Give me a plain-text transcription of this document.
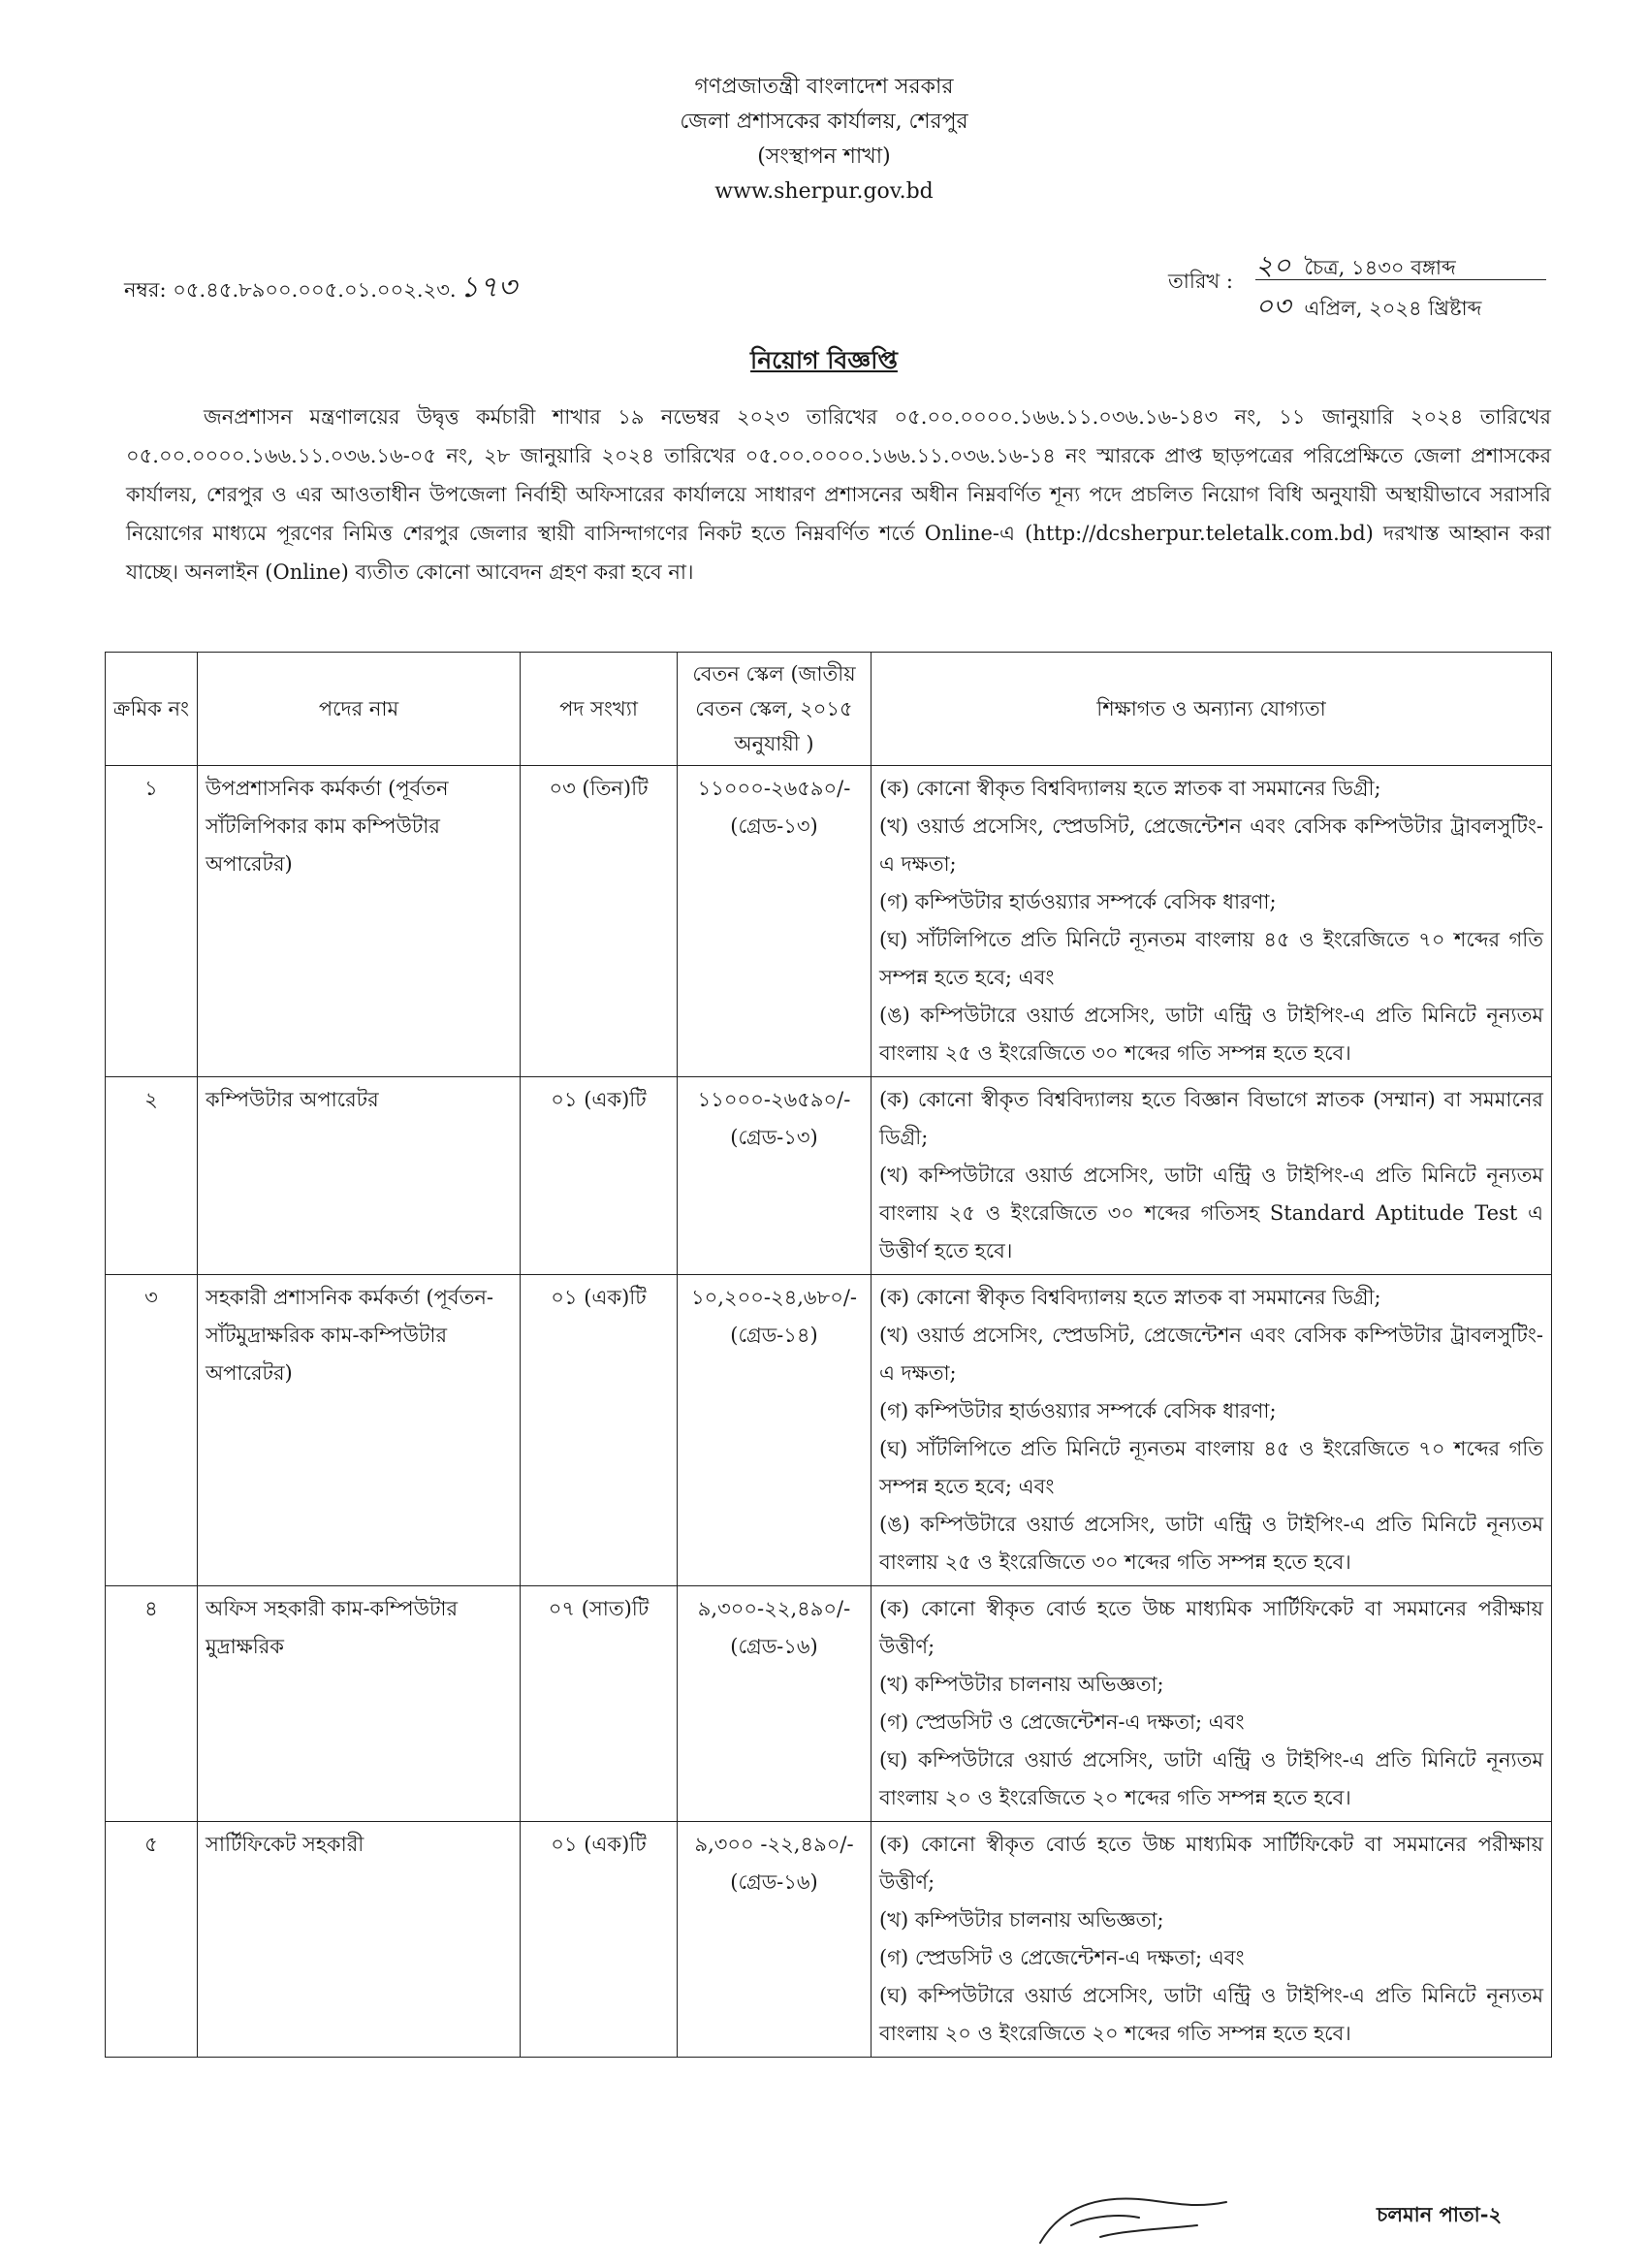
গণপ্রজাতন্ত্রী বাংলাদেশ সরকার
জেলা প্রশাসকের কার্যালয়, শেরপুর
(সংস্থাপন শাখা)
www.sherpur.gov.bd
নম্বর: ০৫.৪৫.৮৯০০.০০৫.০১.০০২.২৩. ১৭৩	তারিখ : ২০ চৈত্র, ১৪৩০ বঙ্গাব্দ
০৩ এপ্রিল, ২০২৪ খ্রিষ্টাব্দ
নিয়োগ বিজ্ঞপ্তি
জনপ্রশাসন মন্ত্রণালয়ের উদ্বৃত্ত কর্মচারী শাখার ১৯ নভেম্বর ২০২৩ তারিখের ০৫.০০.০০০০.১৬৬.১১.০৩৬.১৬-১৪৩ নং, ১১ জানুয়ারি ২০২৪ তারিখের ০৫.০০.০০০০.১৬৬.১১.০৩৬.১৬-০৫ নং, ২৮ জানুয়ারি ২০২৪ তারিখের ০৫.০০.০০০০.১৬৬.১১.০৩৬.১৬-১৪ নং স্মারকে প্রাপ্ত ছাড়পত্রের পরিপ্রেক্ষিতে জেলা প্রশাসকের কার্যালয়, শেরপুর ও এর আওতাধীন উপজেলা নির্বাহী অফিসারের কার্যালয়ে সাধারণ প্রশাসনের অধীন নিম্নবর্ণিত শূন্য পদে প্রচলিত নিয়োগ বিধি অনুযায়ী অস্থায়ীভাবে সরাসরি নিয়োগের মাধ্যমে পূরণের নিমিত্ত শেরপুর জেলার স্থায়ী বাসিন্দাগণের নিকট হতে নিম্নবর্ণিত শর্তে Online-এ (http://dcsherpur.teletalk.com.bd) দরখাস্ত আহ্বান করা যাচ্ছে। অনলাইন (Online) ব্যতীত কোনো আবেদন গ্রহণ করা হবে না।
ক্রমিক নং	পদের নাম	পদ সংখ্যা	বেতন স্কেল (জাতীয় বেতন স্কেল, ২০১৫ অনুযায়ী )	শিক্ষাগত ও অন্যান্য যোগ্যতা
১	উপপ্রশাসনিক কর্মকর্তা (পূর্বতন সাঁটলিপিকার কাম কম্পিউটার অপারেটর)	০৩ (তিন)টি	১১০০০-২৬৫৯০/- (গ্রেড-১৩)	(ক) কোনো স্বীকৃত বিশ্ববিদ্যালয় হতে স্নাতক বা সমমানের ডিগ্রী;
(খ) ওয়ার্ড প্রসেসিং, স্প্রেডসিট, প্রেজেন্টেশন এবং বেসিক কম্পিউটার ট্রাবলসুটিং-এ দক্ষতা;
(গ) কম্পিউটার হার্ডওয়্যার সম্পর্কে বেসিক ধারণা;
(ঘ) সাঁটলিপিতে প্রতি মিনিটে ন্যূনতম বাংলায় ৪৫ ও ইংরেজিতে ৭০ শব্দের গতি সম্পন্ন হতে হবে; এবং
(ঙ) কম্পিউটারে ওয়ার্ড প্রসেসিং, ডাটা এন্ট্রি ও টাইপিং-এ প্রতি মিনিটে নূন্যতম বাংলায় ২৫ ও ইংরেজিতে ৩০ শব্দের গতি সম্পন্ন হতে হবে।

২	কম্পিউটার অপারেটর	০১ (এক)টি	১১০০০-২৬৫৯০/- (গ্রেড-১৩)	(ক) কোনো স্বীকৃত বিশ্ববিদ্যালয় হতে বিজ্ঞান বিভাগে স্নাতক (সম্মান) বা সমমানের ডিগ্রী;
(খ) কম্পিউটারে ওয়ার্ড প্রসেসিং, ডাটা এন্ট্রি ও টাইপিং-এ প্রতি মিনিটে নূন্যতম বাংলায় ২৫ ও ইংরেজিতে ৩০ শব্দের গতিসহ Standard Aptitude Test এ উত্তীর্ণ হতে হবে।

৩	সহকারী প্রশাসনিক কর্মকর্তা (পূর্বতন-সাঁটমুদ্রাক্ষরিক কাম-কম্পিউটার অপারেটর)	০১ (এক)টি	১০,২০০-২৪,৬৮০/- (গ্রেড-১৪)	(ক) কোনো স্বীকৃত বিশ্ববিদ্যালয় হতে স্নাতক বা সমমানের ডিগ্রী;
(খ) ওয়ার্ড প্রসেসিং, স্প্রেডসিট, প্রেজেন্টেশন এবং বেসিক কম্পিউটার ট্রাবলসুটিং-এ দক্ষতা;
(গ) কম্পিউটার হার্ডওয়্যার সম্পর্কে বেসিক ধারণা;
(ঘ) সাঁটলিপিতে প্রতি মিনিটে ন্যূনতম বাংলায় ৪৫ ও ইংরেজিতে ৭০ শব্দের গতি সম্পন্ন হতে হবে; এবং
(ঙ) কম্পিউটারে ওয়ার্ড প্রসেসিং, ডাটা এন্ট্রি ও টাইপিং-এ প্রতি মিনিটে নূন্যতম বাংলায় ২৫ ও ইংরেজিতে ৩০ শব্দের গতি সম্পন্ন হতে হবে।

৪	অফিস সহকারী কাম-কম্পিউটার মুদ্রাক্ষরিক	০৭ (সাত)টি	৯,৩০০-২২,৪৯০/- (গ্রেড-১৬)	(ক) কোনো স্বীকৃত বোর্ড হতে উচ্চ মাধ্যমিক সার্টিফিকেট বা সমমানের পরীক্ষায় উত্তীর্ণ;
(খ) কম্পিউটার চালনায় অভিজ্ঞতা;
(গ) স্প্রেডসিট ও প্রেজেন্টেশন-এ দক্ষতা; এবং
(ঘ) কম্পিউটারে ওয়ার্ড প্রসেসিং, ডাটা এন্ট্রি ও টাইপিং-এ প্রতি মিনিটে নূন্যতম বাংলায় ২০ ও ইংরেজিতে ২০ শব্দের গতি সম্পন্ন হতে হবে।

৫	সার্টিফিকেট সহকারী	০১ (এক)টি	৯,৩০০ -২২,৪৯০/- (গ্রেড-১৬)	(ক) কোনো স্বীকৃত বোর্ড হতে উচ্চ মাধ্যমিক সার্টিফিকেট বা সমমানের পরীক্ষায় উত্তীর্ণ;
(খ) কম্পিউটার চালনায় অভিজ্ঞতা;
(গ) স্প্রেডসিট ও প্রেজেন্টেশন-এ দক্ষতা; এবং
(ঘ) কম্পিউটারে ওয়ার্ড প্রসেসিং, ডাটা এন্ট্রি ও টাইপিং-এ প্রতি মিনিটে নূন্যতম বাংলায় ২০ ও ইংরেজিতে ২০ শব্দের গতি সম্পন্ন হতে হবে।
চলমান পাতা-২
